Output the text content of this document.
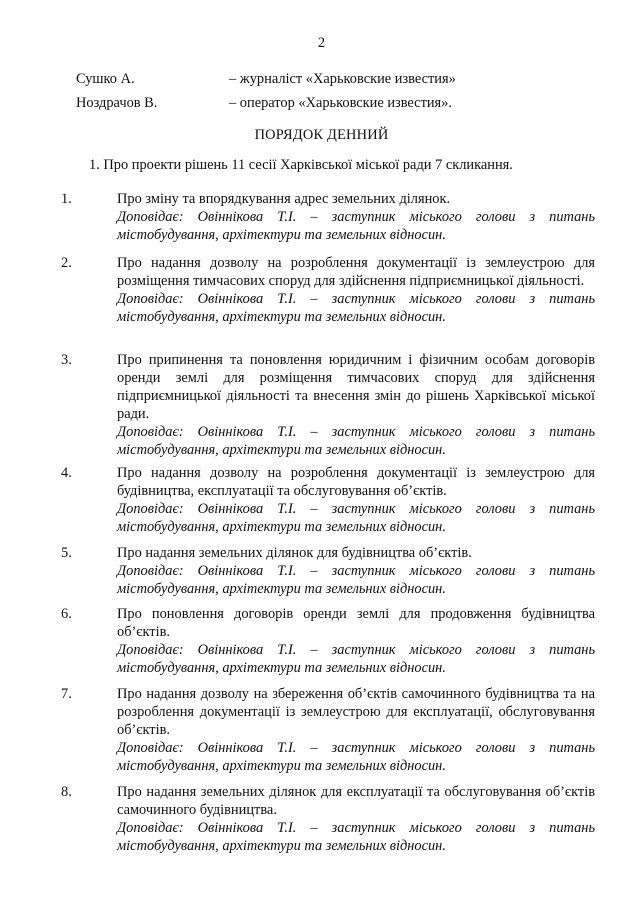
2
Сушко А.	– журналіст «Харьковские известия»
Ноздрачов В.	– оператор «Харьковские известия».
ПОРЯДОК ДЕННИЙ
1. Про проекти рішень 11 сесії Харківської міської ради 7 скликання.
1.	Про зміну та впорядкування адрес земельних ділянок.
Доповідає: Овіннікова Т.І. – заступник міського голови з питань містобудування, архітектури та земельних відносин.
2.	Про надання дозволу на розроблення документації із землеустрою для розміщення тимчасових споруд для здійснення підприємницької діяльності.
Доповідає: Овіннікова Т.І. – заступник міського голови з питань містобудування, архітектури та земельних відносин.
3.	Про припинення та поновлення юридичним і фізичним особам договорів оренди землі для розміщення тимчасових споруд для здійснення підприємницької діяльності та внесення змін до рішень Харківської міської ради.
Доповідає: Овіннікова Т.І. – заступник міського голови з питань містобудування, архітектури та земельних відносин.
4.	Про надання дозволу на розроблення документації із землеустрою для будівництва, експлуатації та обслуговування об’єктів.
Доповідає: Овіннікова Т.І. – заступник міського голови з питань містобудування, архітектури та земельних відносин.
5.	Про надання земельних ділянок для будівництва об’єктів.
Доповідає: Овіннікова Т.І. – заступник міського голови з питань містобудування, архітектури та земельних відносин.
6.	Про поновлення договорів оренди землі для продовження будівництва об’єктів.
Доповідає: Овіннікова Т.І. – заступник міського голови з питань містобудування, архітектури та земельних відносин.
7.	Про надання дозволу на збереження об’єктів самочинного будівництва та на розроблення документації із землеустрою для експлуатації, обслуговування об’єктів.
Доповідає: Овіннікова Т.І. – заступник міського голови з питань містобудування, архітектури та земельних відносин.
8.	Про надання земельних ділянок для експлуатації та обслуговування об’єктів самочинного будівництва.
Доповідає: Овіннікова Т.І. – заступник міського голови з питань містобудування, архітектури та земельних відносин.
